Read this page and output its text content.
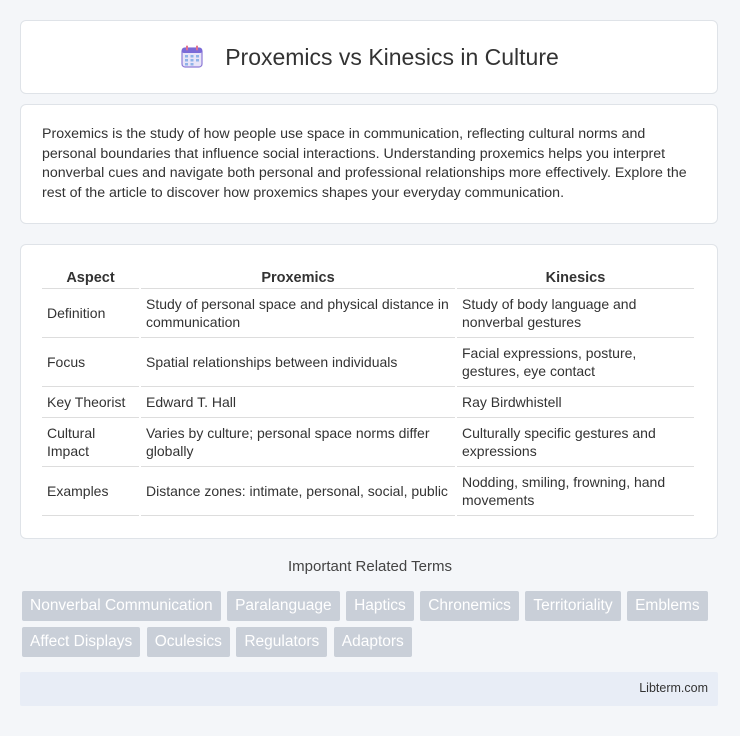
Proxemics vs Kinesics in Culture

Proxemics is the study of how people use space in communication, reflecting cultural norms and personal boundaries that influence social interactions. Understanding proxemics helps you interpret nonverbal cues and navigate both personal and professional relationships more effectively. Explore the rest of the article to discover how proxemics shapes your everyday communication.

Aspect	Proxemics	Kinesics
Definition	Study of personal space and physical distance in communication	Study of body language and nonverbal gestures
Focus	Spatial relationships between individuals	Facial expressions, posture, gestures, eye contact
Key Theorist	Edward T. Hall	Ray Birdwhistell
Cultural Impact	Varies by culture; personal space norms differ globally	Culturally specific gestures and expressions
Examples	Distance zones: intimate, personal, social, public	Nodding, smiling, frowning, hand movements
Important Related Terms
Nonverbal Communication Paralanguage Haptics Chronemics Territoriality Emblems Affect Displays Oculesics Regulators Adaptors
Libterm.com
